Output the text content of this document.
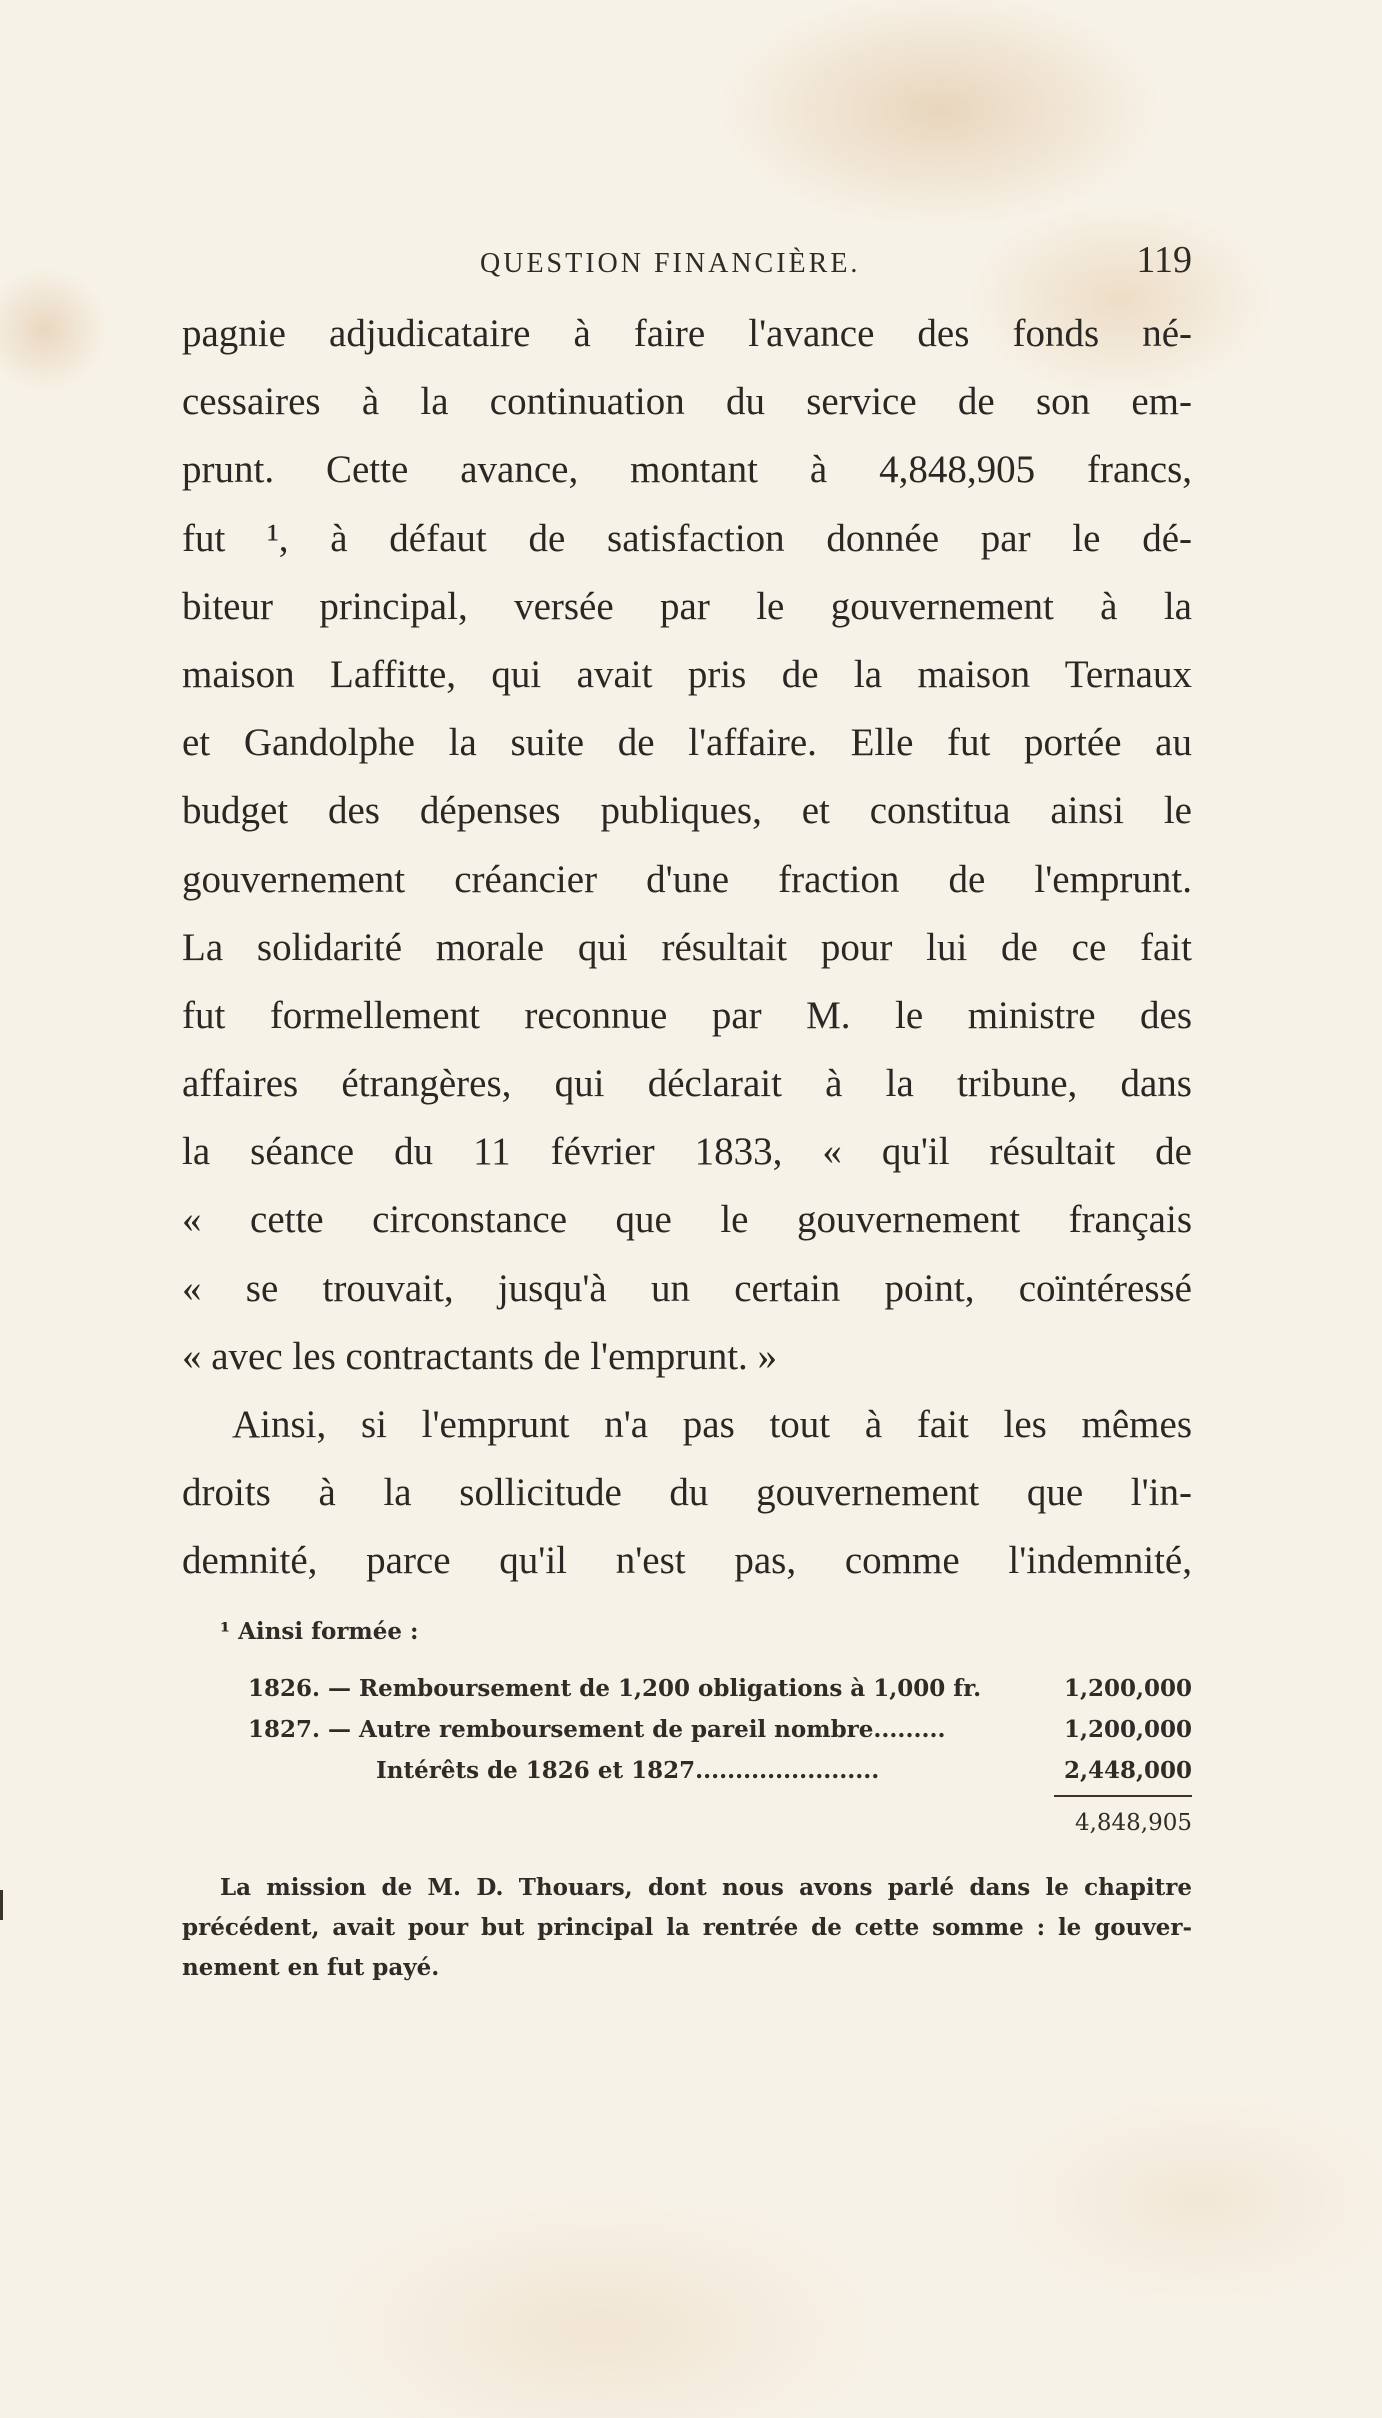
QUESTION FINANCIÈRE.	119
pagnie adjudicataire à faire l'avance des fonds né-
cessaires à la continuation du service de son em-
prunt. Cette avance, montant à 4,848,905 francs,
fut ¹, à défaut de satisfaction donnée par le dé-
biteur principal, versée par le gouvernement à la
maison Laffitte, qui avait pris de la maison Ternaux
et Gandolphe la suite de l'affaire. Elle fut portée au
budget des dépenses publiques, et constitua ainsi le
gouvernement créancier d'une fraction de l'emprunt.
La solidarité morale qui résultait pour lui de ce fait
fut formellement reconnue par M. le ministre des
affaires étrangères, qui déclarait à la tribune, dans
la séance du 11 février 1833, « qu'il résultait de
« cette circonstance que le gouvernement français
« se trouvait, jusqu'à un certain point, coïntéressé
« avec les contractants de l'emprunt. »
Ainsi, si l'emprunt n'a pas tout à fait les mêmes
droits à la sollicitude du gouvernement que l'in-
demnité, parce qu'il n'est pas, comme l'indemnité,
¹ Ainsi formée :
1826. — Remboursement de 1,200 obligations à 1,000 fr.	1,200,000
1827. — Autre remboursement de pareil nombre.........	1,200,000
Intérêts de 1826 et 1827.......................	2,448,000
4,848,905
La mission de M. D. Thouars, dont nous avons parlé dans le chapitre
précédent, avait pour but principal la rentrée de cette somme : le gouver-
nement en fut payé.
